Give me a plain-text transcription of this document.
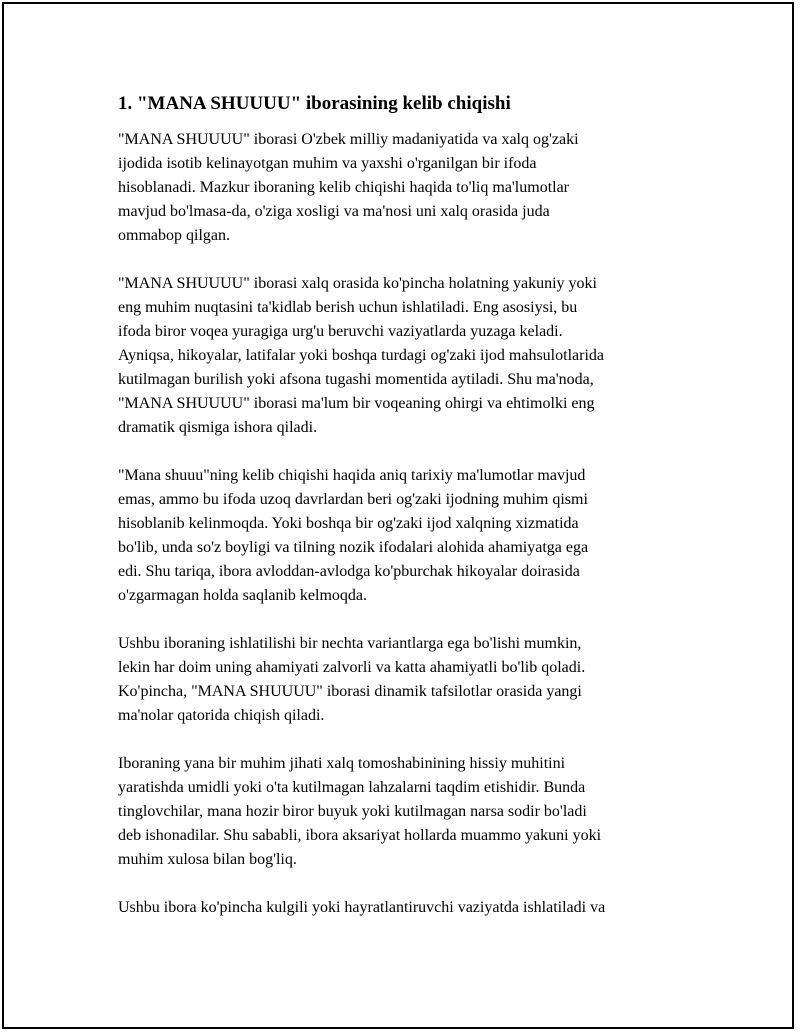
1. "MANA SHUUUU" iborasining kelib chiqishi
"MANA SHUUUU" iborasi O'zbek milliy madaniyatida va xalq og'zaki
ijodida isotib kelinayotgan muhim va yaxshi o'rganilgan bir ifoda
hisoblanadi. Mazkur iboraning kelib chiqishi haqida to'liq ma'lumotlar
mavjud bo'lmasa-da, o'ziga xosligi va ma'nosi uni xalq orasida juda
ommabop qilgan.
"MANA SHUUUU" iborasi xalq orasida ko'pincha holatning yakuniy yoki
eng muhim nuqtasini ta'kidlab berish uchun ishlatiladi. Eng asosiysi, bu
ifoda biror voqea yuragiga urg'u beruvchi vaziyatlarda yuzaga keladi.
Ayniqsa, hikoyalar, latifalar yoki boshqa turdagi og'zaki ijod mahsulotlarida
kutilmagan burilish yoki afsona tugashi momentida aytiladi. Shu ma'noda,
"MANA SHUUUU" iborasi ma'lum bir voqeaning ohirgi va ehtimolki eng
dramatik qismiga ishora qiladi.
"Mana shuuu"ning kelib chiqishi haqida aniq tarixiy ma'lumotlar mavjud
emas, ammo bu ifoda uzoq davrlardan beri og'zaki ijodning muhim qismi
hisoblanib kelinmoqda. Yoki boshqa bir og'zaki ijod xalqning xizmatida
bo'lib, unda so'z boyligi va tilning nozik ifodalari alohida ahamiyatga ega
edi. Shu tariqa, ibora avloddan-avlodga ko'pburchak hikoyalar doirasida
o'zgarmagan holda saqlanib kelmoqda.
Ushbu iboraning ishlatilishi bir nechta variantlarga ega bo'lishi mumkin,
lekin har doim uning ahamiyati zalvorli va katta ahamiyatli bo'lib qoladi.
Ko'pincha, "MANA SHUUUU" iborasi dinamik tafsilotlar orasida yangi
ma'nolar qatorida chiqish qiladi.
Iboraning yana bir muhim jihati xalq tomoshabinining hissiy muhitini
yaratishda umidli yoki o'ta kutilmagan lahzalarni taqdim etishidir. Bunda
tinglovchilar, mana hozir biror buyuk yoki kutilmagan narsa sodir bo'ladi
deb ishonadilar. Shu sababli, ibora aksariyat hollarda muammo yakuni yoki
muhim xulosa bilan bog'liq.
Ushbu ibora ko'pincha kulgili yoki hayratlantiruvchi vaziyatda ishlatiladi va
